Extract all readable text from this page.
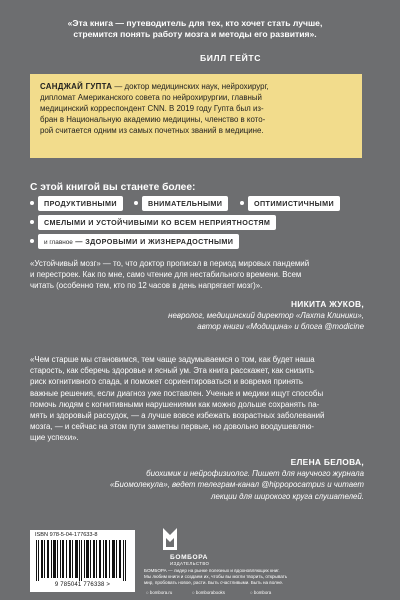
«Эта книга — путеводитель для тех, кто хочет стать лучше,
стремится понять работу мозга и методы его развития».
БИЛЛ ГЕЙТС
САНДЖАЙ ГУПТА — доктор медицинских наук, нейрохирург,
дипломат Американского совета по нейрохирургии, главный
медицинский корреспондент CNN. В 2019 году Гупта был из-
бран в Национальную академию медицины, членство в кото-
рой считается одним из самых почетных званий в медицине.
С этой книгой вы станете более:
ПРОДУКТИВНЫМИ	ВНИМАТЕЛЬНЫМИ	ОПТИМИСТИЧНЫМИ
СМЕЛЫМИ И УСТОЙЧИВЫМИ КО ВСЕМ НЕПРИЯТНОСТЯМ
и главное — ЗДОРОВЫМИ И ЖИЗНЕРАДОСТНЫМИ
«Устойчивый мозг» — то, что доктор прописал в период мировых пандемий
и перестроек. Как по мне, само чтение для нестабильного времени. Всем
читать (особенно тем, кто по 12 часов в день напрягает мозг)».
НИКИТА ЖУКОВ,
невролог, медицинский директор «Лахта Клиники»,
автор книги «Модицина» и блога @modicine
«Чем старше мы становимся, тем чаще задумываемся о том, как будет наша
старость, как сберечь здоровье и ясный ум. Эта книга расскажет, как снизить
риск когнитивного спада, и поможет сориентироваться и вовремя принять
важные решения, если диагноз уже поставлен. Ученые и медики ищут способы
помочь людям с когнитивными нарушениями как можно дольше сохранять па-
мять и здоровый рассудок, — а лучше вовсе избежать возрастных заболеваний
мозга, — и сейчас на этом пути заметны первые, но довольно воодушевляю-
щие успехи».
ЕЛЕНА БЕЛОВА,
биохимик и нейрофизиолог. Пишет для научного журнала
«Биомолекула», ведет телеграм-канал @hippopocampus и читает
лекции для широкого круга слушателей.
ISBN 978-5-04-177633-8
9 785041 776338 >
БОМБОРА
ИЗДАТЕЛЬСТВО
БОМБОРА — лидер на рынке полезных и вдохновляющих книг.
Мы любим книги и создаем их, чтобы вы могли творить, открывать
мир, пробовать новое, расти. Быть счастливыми. Быть на волне.
○ bombora.ru	○ bomborabooks	○ bombora
